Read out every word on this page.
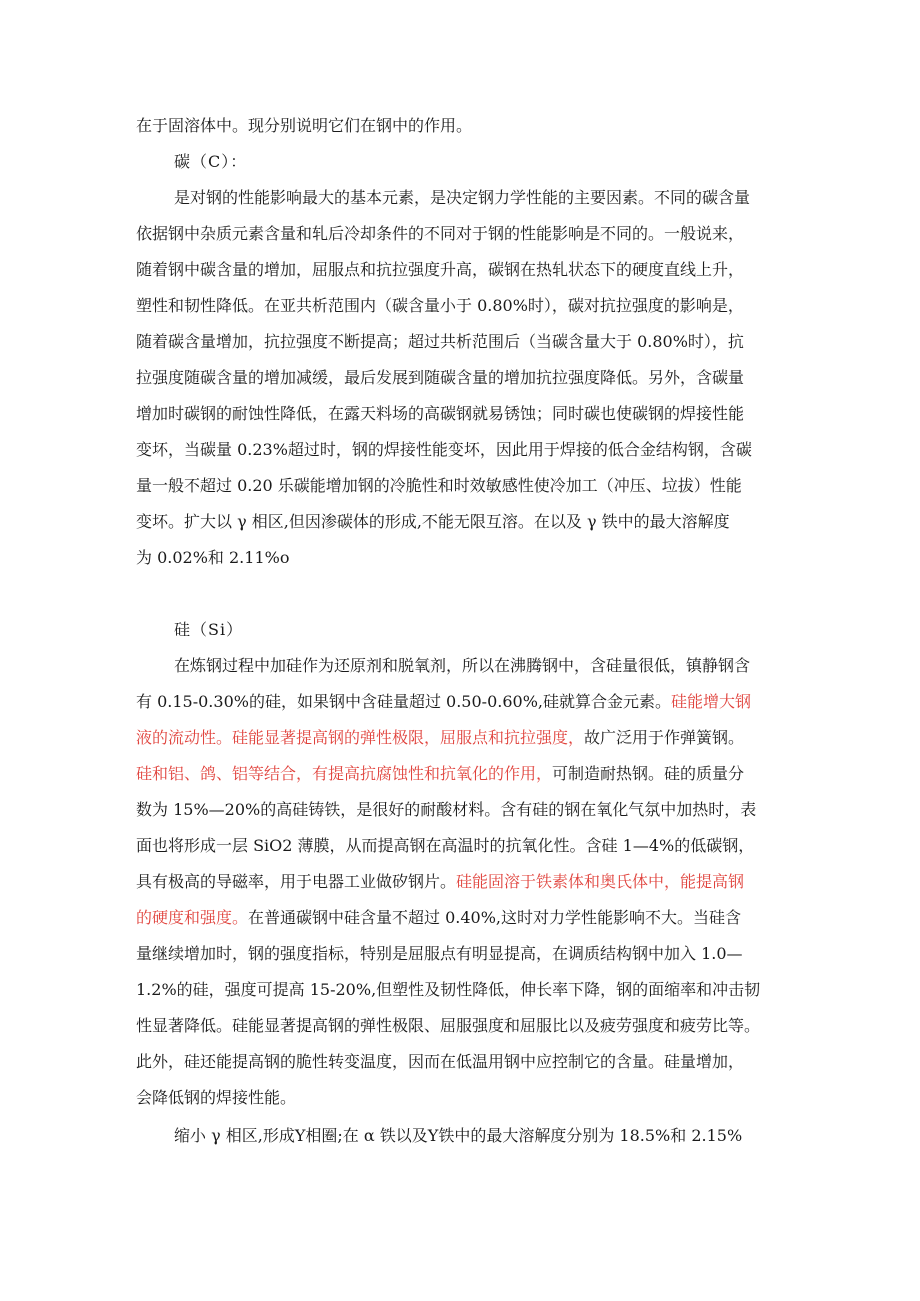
在于固溶体中。现分别说明它们在钢中的作用。

碳（C）：

是对钢的性能影响最大的基本元素，是决定钢力学性能的主要因素。不同的碳含量

依据钢中杂质元素含量和轧后冷却条件的不同对于钢的性能影响是不同的。一般说来，

随着钢中碳含量的增加，屈服点和抗拉强度升高，碳钢在热轧状态下的硬度直线上升，

塑性和韧性降低。在亚共析范围内（碳含量小于 0.80%时），碳对抗拉强度的影响是，

随着碳含量增加，抗拉强度不断提高；超过共析范围后（当碳含量大于 0.80%时），抗

拉强度随碳含量的增加减缓，最后发展到随碳含量的增加抗拉强度降低。另外，含碳量

增加时碳钢的耐蚀性降低，在露天料场的高碳钢就易锈蚀；同时碳也使碳钢的焊接性能

变坏，当碳量 0.23%超过时，钢的焊接性能变坏，因此用于焊接的低合金结构钢，含碳

量一般不超过 0.20 乐碳能增加钢的冷脆性和时效敏感性使冷加工（冲压、垃拔）性能

变坏。扩大以 γ 相区,但因渗碳体的形成,不能无限互溶。在以及 γ 铁中的最大溶解度

为 0.02%和 2.11%o

硅（Si）

在炼钢过程中加硅作为还原剂和脱氧剂，所以在沸腾钢中，含硅量很低，镇静钢含

有 0.15-0.30%的硅，如果钢中含硅量超过 0.50-0.60%,硅就算合金元素。硅能增大钢

液的流动性。硅能显著提高钢的弹性极限，屈服点和抗拉强度，故广泛用于作弹簧钢。

硅和铝、鸽、铝等结合，有提高抗腐蚀性和抗氧化的作用，可制造耐热钢。硅的质量分

数为 15%—20%的高硅铸铁，是很好的耐酸材料。含有硅的钢在氧化气氛中加热时，表

面也将形成一层 SiO2 薄膜，从而提高钢在高温时的抗氧化性。含硅 1—4%的低碳钢，

具有极高的导磁率，用于电器工业做矽钢片。硅能固溶于铁素体和奥氏体中，能提高钢

的硬度和强度。在普通碳钢中硅含量不超过 0.40%,这时对力学性能影响不大。当硅含

量继续增加时，钢的强度指标，特别是屈服点有明显提高，在调质结构钢中加入 1.0—

1.2%的硅，强度可提高 15-20%,但塑性及韧性降低，伸长率下降，钢的面缩率和冲击韧

性显著降低。硅能显著提高钢的弹性极限、屈服强度和屈服比以及疲劳强度和疲劳比等。

此外，硅还能提高钢的脆性转变温度，因而在低温用钢中应控制它的含量。硅量增加，

会降低钢的焊接性能。

缩小 γ 相区,形成Y相圈;在 α 铁以及Y铁中的最大溶解度分别为 18.5%和 2.15%
